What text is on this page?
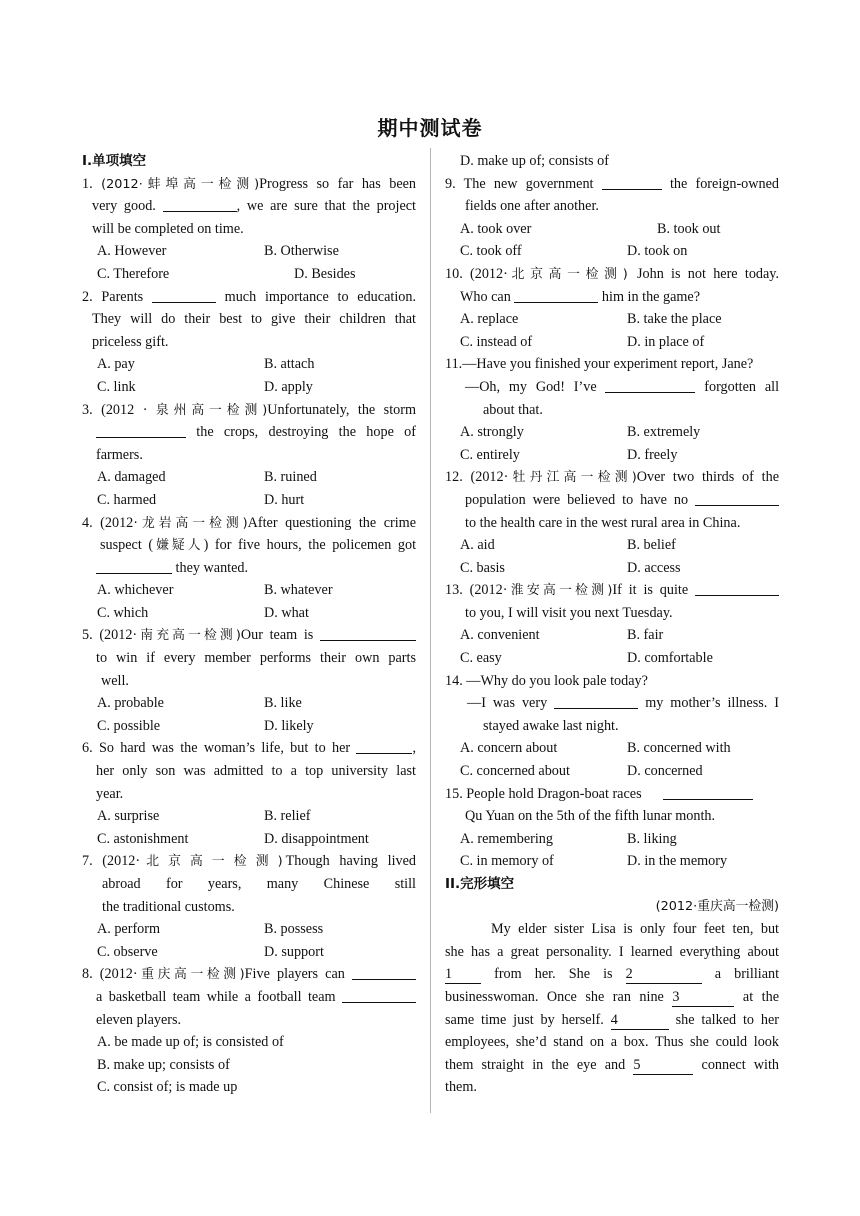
期中测试卷
I.单项填空
1. (2012·蚌埠高一检测)Progress so far has been
very good.	, we are sure that the project
will be completed on time.
A. However	B. Otherwise
C. Therefore	D. Besides
2. Parents	much importance to education.
They will do their best to give their children that
priceless gift.
A. pay	B. attach
C. link	D. apply
3. (2012 · 泉州高一检测)Unfortunately, the storm
the crops, destroying the hope of
farmers.
A. damaged	B. ruined
C. harmed	D. hurt
4. (2012·龙岩高一检测)After questioning the crime
suspect (嫌疑人) for five hours, the policemen got
they wanted.
A. whichever	B. whatever
C. which	D. what
5. (2012·南充高一检测)Our team is
to win if every member performs their own parts
well.
A. probable	B. like
C. possible	D. likely
6. So hard was the woman’s life, but to her	,
her only son was admitted to a top university last
year.
A. surprise	B. relief
C. astonishment	D. disappointment
7. (2012·北京高一检测)Though having lived
abroad for years, many Chinese still
the traditional customs.
A. perform	B. possess
C. observe	D. support
8. (2012·重庆高一检测)Five players can
a basketball team while a football team
eleven players.
A. be made up of; is consisted of
B. make up; consists of
C. consist of; is made up
D. make up of; consists of
9. The new government	the foreign-owned
fields one after another.
A. took over	B. took out
C. took off	D. took on
10. (2012·北京高一检测) John is not here today.
Who can	him in the game?
A. replace	B. take the place
C. instead of	D. in place of
11.—Have you finished your experiment report, Jane?
—Oh, my God! I’ve	forgotten all
about that.
A. strongly	B. extremely
C. entirely	D. freely
12. (2012·牡丹江高一检测)Over two thirds of the
population were believed to have no
to the health care in the west rural area in China.
A. aid	B. belief
C. basis	D. access
13. (2012·淮安高一检测)If it is quite
to you, I will visit you next Tuesday.
A. convenient	B. fair
C. easy	D. comfortable
14. —Why do you look pale today?
—I was very	my mother’s illness. I
stayed awake last night.
A. concern about	B. concerned with
C. concerned about	D. concerned
15. People hold Dragon-boat races
Qu Yuan on the 5th of the fifth lunar month.
A. remembering	B. liking
C. in memory of	D. in the memory
II.完形填空
(2012·重庆高一检测)
My elder sister Lisa is only four feet ten, but
she has a great personality. I learned everything about
1	from her. She is 2	a brilliant
businesswoman. Once she ran nine 3	at the
same time just by herself. 4	she talked to her
employees, she’d stand on a box. Thus she could look
them straight in the eye and 5	connect with
them.
